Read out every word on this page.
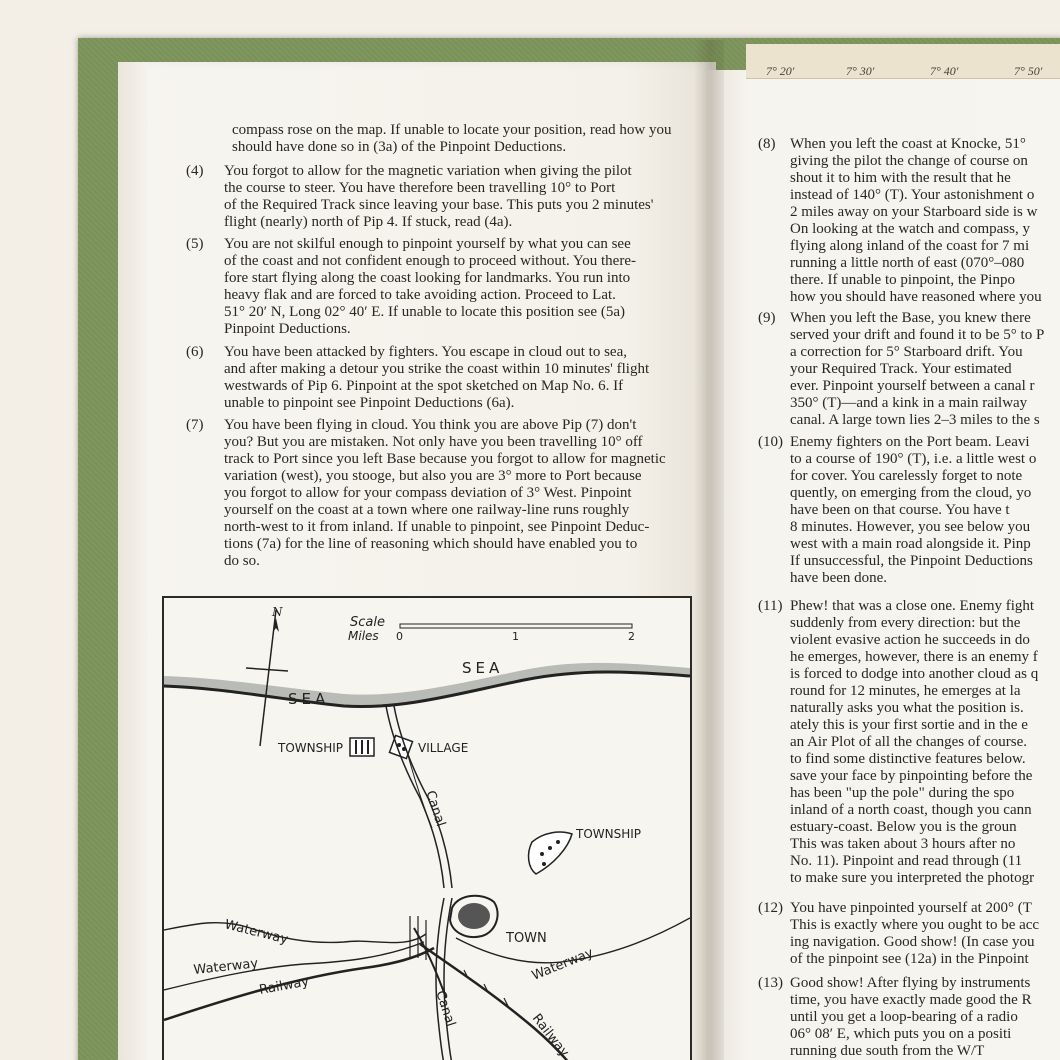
7° 20′	7° 30′	7° 40′	7° 50′
compass rose on the map. If unable to locate your position, read how you
should have done so in (3a) of the Pinpoint Deductions.
(4)	You forgot to allow for the magnetic variation when giving the pilot
the course to steer. You have therefore been travelling 10° to Port
of the Required Track since leaving your base. This puts you 2 minutes'
flight (nearly) north of Pip 4. If stuck, read (4a).
(5)	You are not skilful enough to pinpoint yourself by what you can see
of the coast and not confident enough to proceed without. You there-
fore start flying along the coast looking for landmarks. You run into
heavy flak and are forced to take avoiding action. Proceed to Lat.
51° 20′ N, Long 02° 40′ E. If unable to locate this position see (5a)
Pinpoint Deductions.
(6)	You have been attacked by fighters. You escape in cloud out to sea,
and after making a detour you strike the coast within 10 minutes' flight
westwards of Pip 6. Pinpoint at the spot sketched on Map No. 6. If
unable to pinpoint see Pinpoint Deductions (6a).
(7)	You have been flying in cloud. You think you are above Pip (7) don't
you? But you are mistaken. Not only have you been travelling 10° off
track to Port since you left Base because you forgot to allow for magnetic
variation (west), you stooge, but also you are 3° more to Port because
you forgot to allow for your compass deviation of 3° West. Pinpoint
yourself on the coast at a town where one railway-line runs roughly
north-west to it from inland. If unable to pinpoint, see Pinpoint Deduc-
tions (7a) for the line of reasoning which should have enabled you to
do so.
N
Scale
Miles 0	1	2
SEA
SEA
TOWNSHIP	VILLAGE
Canal
Canal
TOWNSHIP
TOWN
Waterway
Waterway	Waterway
Railway
Railway
(8) When you left the coast at Knocke, 51°
giving the pilot the change of course on
shout it to him with the result that he
instead of 140° (T). Your astonishment o
2 miles away on your Starboard side is w
On looking at the watch and compass, y
flying along inland of the coast for 7 mi
running a little north of east (070°–080
there. If unable to pinpoint, the Pinpo
how you should have reasoned where you
(9) When you left the Base, you knew there
served your drift and found it to be 5° to P
a correction for 5° Starboard drift. You
your Required Track. Your estimated
ever. Pinpoint yourself between a canal r
350° (T)—and a kink in a main railway
canal. A large town lies 2–3 miles to the s
(10) Enemy fighters on the Port beam. Leavi
to a course of 190° (T), i.e. a little west o
for cover. You carelessly forget to note
quently, on emerging from the cloud, yo
have been on that course. You have t
8 minutes. However, you see below you
west with a main road alongside it. Pinp
If unsuccessful, the Pinpoint Deductions
have been done.
(11) Phew! that was a close one. Enemy fight
suddenly from every direction: but the
violent evasive action he succeeds in do
he emerges, however, there is an enemy f
is forced to dodge into another cloud as q
round for 12 minutes, he emerges at la
naturally asks you what the position is.
ately this is your first sortie and in the e
an Air Plot of all the changes of course.
to find some distinctive features below.
save your face by pinpointing before the
has been "up the pole" during the spo
inland of a north coast, though you cann
estuary-coast. Below you is the groun
This was taken about 3 hours after no
No. 11). Pinpoint and read through (11
to make sure you interpreted the photogr
(12) You have pinpointed yourself at 200° (T
This is exactly where you ought to be acc
ing navigation. Good show! (In case you
of the pinpoint see (12a) in the Pinpoint
(13) Good show! After flying by instruments
time, you have exactly made good the R
until you get a loop-bearing of a radio
06° 08′ E, which puts you on a positi
running due south from the W/T
